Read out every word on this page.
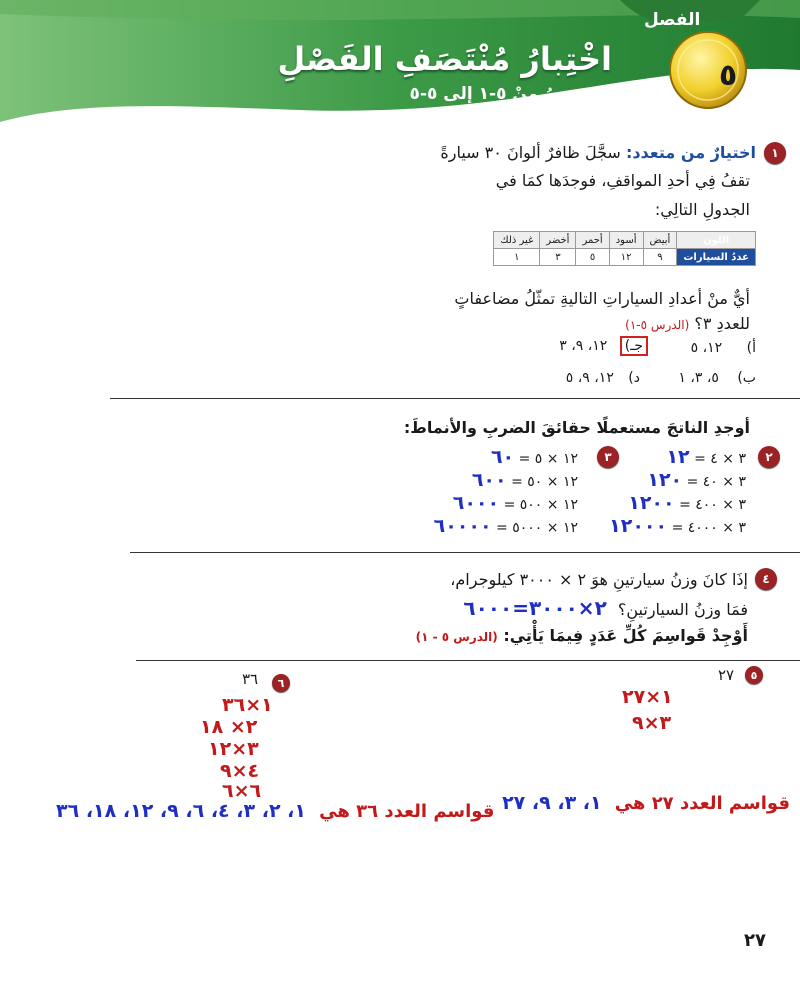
الفصل
٥
اخْتِبارُ مُنْتَصَفِ الفَصْلِ
الدروسُ منْ ٥-١ إلى ٥-٥
١
اختيارٌ من متعدد: سجَّلَ ظافرٌ ألوانَ ٣٠ سيارةً
تقفُ فِي أحدِ المواقفِ، فوجدَها كمَا في
الجدولِ التالِي:
اللون	أبيض	أسود	أحمر	أخضر	غير ذلك
عددُ السيارات	٩	١٢	٥	٣	١
أيٌّ منْ أعدادِ السياراتِ التاليةِ تمثّلُ مضاعفاتٍ
للعددِ ٣؟ (الدرس ٥-١)
أ) ١٢، ٥
جـ) ١٢، ٩، ٣
ب) ٥، ٣، ١
د) ١٢، ٩، ٥
أوجدِ الناتجَ مستعملًا حقائقَ الضربِ والأنماطَ:
٢
٣	٣ × ٤ = ١٢
٣ × ٤٠ = ١٢٠
٣ × ٤٠٠ = ١٢٠٠
٣ × ٤٠٠٠ = ١٢٠٠٠
١٢ × ٥ = ٦٠
١٢ × ٥٠ = ٦٠٠
١٢ × ٥٠٠ = ٦٠٠٠
١٢ × ٥٠٠٠ = ٦٠٠٠٠
٤
إذَا كانَ وزنُ سيارتينِ هوَ ٢ × ٣٠٠٠ كيلوجرام،
فمَا وزنُ السيارتينِ؟ ٢×٣٠٠٠=٦٠٠٠
أَوْجِدْ قَواسِمَ كُلِّ عَدَدٍ فِيمَا يَأْتِي: (الدرس ٥ - ١)
٥
٢٧
١×٢٧
٣×٩
قواسم العدد ٢٧ هي ١، ٣، ٩، ٢٧
٦
٣٦
١×٣٦
٢× ١٨
٣×١٢
٤×٩
٦×٦
قواسم العدد ٣٦ هي ١، ٢، ٣، ٤، ٦، ٩، ١٢، ١٨، ٣٦
٢٧
